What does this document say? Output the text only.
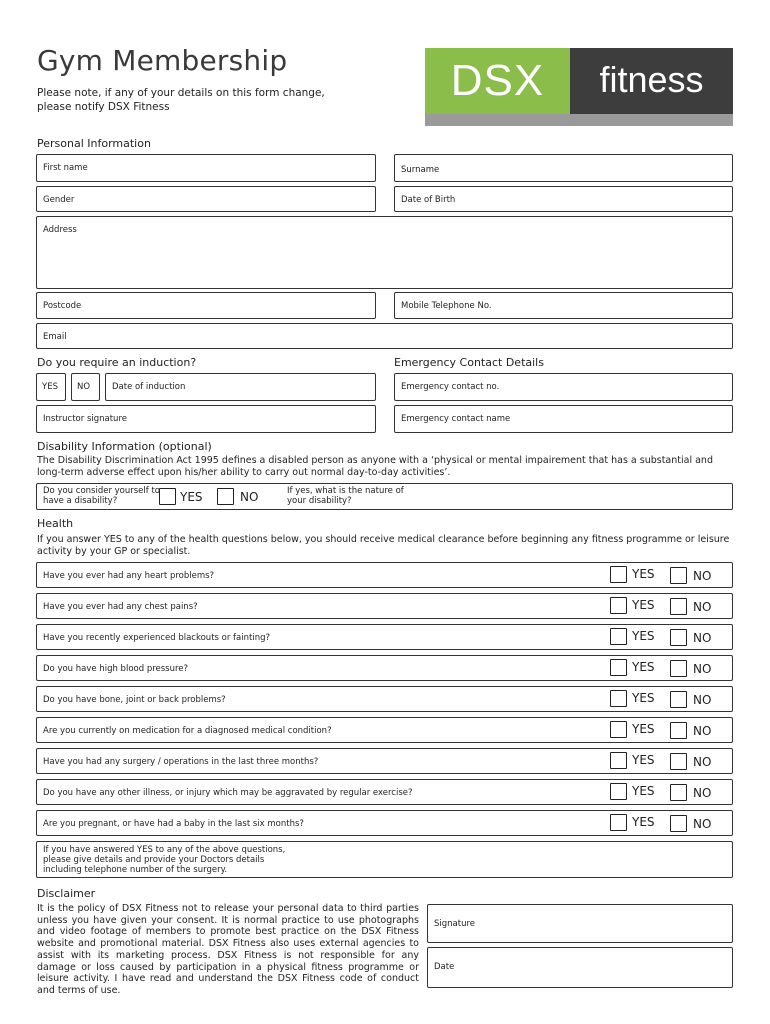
Gym Membership
Please note, if any of your details on this form change, please notify DSX Fitness
DSX	fitness
Personal Information
First name	Surname
Gender	Date of Birth
Address
Postcode	Mobile Telephone No.
Email
Do you require an induction?	Emergency Contact Details
YES NO	Date of induction	Emergency contact no.
Instructor signature	Emergency contact name
Disability Information (optional)
The Disability Discrimination Act 1995 defines a disabled person as anyone with a ‘physical or mental impairement that has a substantial and long-term adverse effect upon his/her ability to carry out normal day-to-day activities’.
Do you consider yourself to have a disability?	YES	NO	If yes, what is the nature of your disability?
Health
If you answer YES to any of the health questions below, you should receive medical clearance before beginning any fitness programme or leisure activity by your GP or specialist.
Have you ever had any heart problems?	YES	NO
Have you ever had any chest pains?	YES	NO
Have you recently experienced blackouts or fainting?	YES	NO
Do you have high blood pressure?	YES	NO
Do you have bone, joint or back problems?	YES	NO
Are you currently on medication for a diagnosed medical condition?	YES	NO
Have you had any surgery / operations in the last three months?	YES	NO
Do you have any other illness, or injury which may be aggravated by regular exercise?	YES	NO
Are you pregnant, or have had a baby in the last six months?	YES	NO
If you have answered YES to any of the above questions, please give details and provide your Doctors details including telephone number of the surgery.
Disclaimer
It is the policy of DSX Fitness not to release your personal data to third parties unless you have given your consent. It is normal practice to use photographs and video footage of members to promote best practice on the DSX Fitness website and promotional material. DSX Fitness also uses external agencies to assist with its marketing process. DSX Fitness is not responsible for any damage or loss caused by participation in a physical fitness programme or leisure activity. I have read and understand the DSX Fitness code of conduct and terms of use.
Signature
Date
